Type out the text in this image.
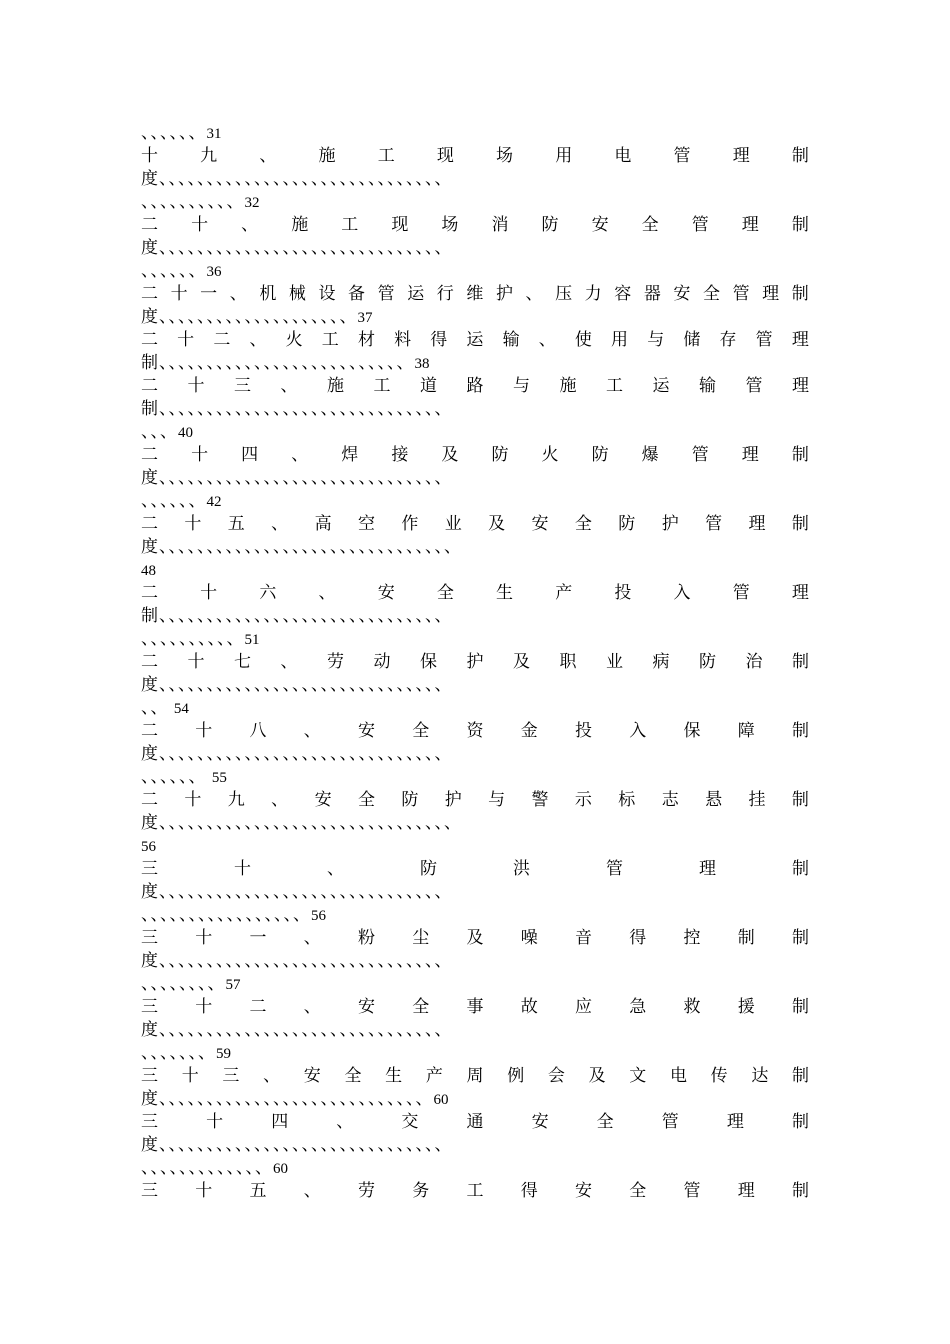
、、、、、、31
十 九 、 施 工 现 场 用 电 管 理 制
度、、、、、、、、、、、、、、、、、、、、、、、、、、、、、、
、、、、、、、、、、32
二 十 、 施 工 现 场 消 防 安 全 管 理 制
度、、、、、、、、、、、、、、、、、、、、、、、、、、、、、、
、、、、、、36
二 十 一 、 机 械 设 备 管 运 行 维 护 、 压 力 容 器 安 全 管 理 制
度、、、、、、、、、、、、、、、、、、、、37
二 十 二 、 火 工 材 料 得 运 输 、 使 用 与 储 存 管 理
制、、、、、、、、、、、、、、、、、、、、、、、、、、38
二 十 三 、 施 工 道 路 与 施 工 运 输 管 理
制、、、、、、、、、、、、、、、、、、、、、、、、、、、、、、
、、、40
二 十 四 、 焊 接 及 防 火 防 爆 管 理 制
度、、、、、、、、、、、、、、、、、、、、、、、、、、、、、、
、、、、、、42
二 十 五 、 高 空 作 业 及 安 全 防 护 管 理 制
度、、、、、、、、、、、、、、、、、、、、、、、、、、、、、、、
48
二 十 六 、 安 全 生 产 投 入 管 理
制、、、、、、、、、、、、、、、、、、、、、、、、、、、、、、
、、、、、、、、、、51
二 十 七 、 劳 动 保 护 及 职 业 病 防 治 制
度、、、、、、、、、、、、、、、、、、、、、、、、、、、、、、
、、 54
二 十 八 、 安 全 资 金 投 入 保 障 制
度、、、、、、、、、、、、、、、、、、、、、、、、、、、、、、
、、、、、、 55
二 十 九 、 安 全 防 护 与 警 示 标 志 悬 挂 制
度、、、、、、、、、、、、、、、、、、、、、、、、、、、、、、、
56
三	十	、	防	洪	管	理	制
度、、、、、、、、、、、、、、、、、、、、、、、、、、、、、、
、、、、、、、、、、、、、、、、、56
三 十 一 、 粉 尘 及 噪 音 得 控 制 制
度、、、、、、、、、、、、、、、、、、、、、、、、、、、、、、
、、、、、、、、57
三 十 二 、 安 全 事 故 应 急 救 援 制
度、、、、、、、、、、、、、、、、、、、、、、、、、、、、、、
、、、、、、、59
三 十 三 、 安 全 生 产 周 例 会 及 文 电 传 达 制
度、、、、、、、、、、、、、、、、、、、、、、、、、、、、60
三	十	四	、	交	通	安	全	管	理	制
度、、、、、、、、、、、、、、、、、、、、、、、、、、、、、、
、、、、、、、、、、、、、60
三 十 五 、 劳 务 工 得 安 全 管 理 制
